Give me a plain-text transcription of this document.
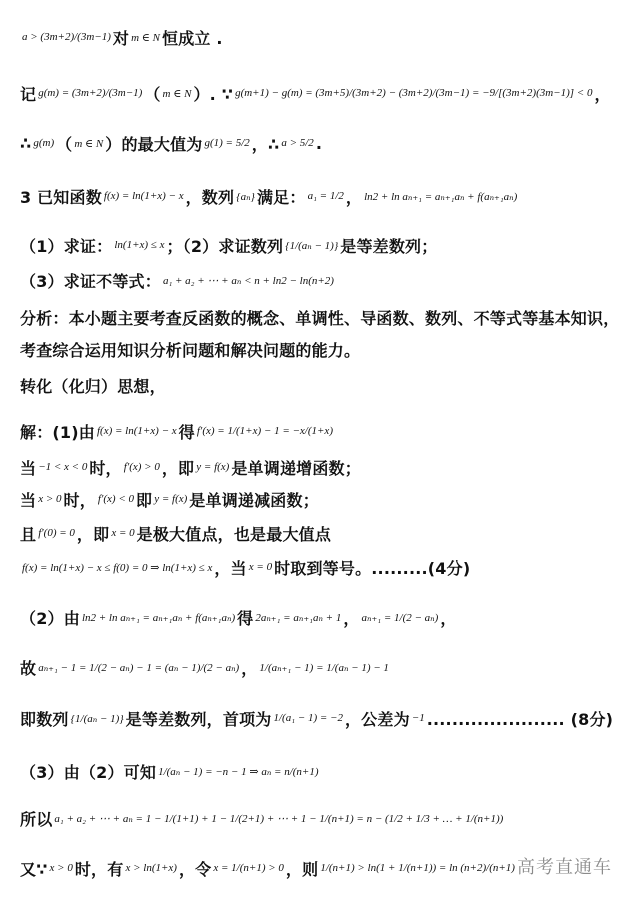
a > (3m+2)/(3m−1) 对 m ∈ N 恒成立 .
记 g(m) = (3m+2)/(3m−1) （ m ∈ N ）. ∵ g(m+1) − g(m) = (3m+5)/(3m+2) − (3m+2)/(3m−1) = −9/[(3m+2)(3m−1)] < 0 ，
∴ g(m) （ m ∈ N ）的最大值为 g(1) = 5/2 ，∴ a > 5/2 .
3 已知函数 f(x) = ln(1+x) − x ，数列 {aₙ} 满足： a₁ = 1/2 ， ln2 + ln aₙ₊₁ = aₙ₊₁aₙ + f(aₙ₊₁aₙ)
（1）求证： ln(1+x) ≤ x ；（2）求证数列 {1/(aₙ − 1)} 是等差数列；
（3）求证不等式： a₁ + a₂ + ⋯ + aₙ < n + ln2 − ln(n+2)
分析：本小题主要考查反函数的概念、单调性、导函数、数列、不等式等基本知识，
考查综合运用知识分析问题和解决问题的能力。
转化（化归）思想，
解：(1)由 f(x) = ln(1+x) − x 得 f′(x) = 1/(1+x) − 1 = −x/(1+x)
当 −1 < x < 0 时， f′(x) > 0 ，即 y = f(x) 是单调递增函数；
当 x > 0 时， f′(x) < 0 即 y = f(x) 是单调递减函数；
且 f′(0) = 0 ，即 x = 0 是极大值点，也是最大值点
f(x) = ln(1+x) − x ≤ f(0) = 0 ⇒ ln(1+x) ≤ x ，当 x = 0 时取到等号。.........(4分)
（2）由 ln2 + ln aₙ₊₁ = aₙ₊₁aₙ + f(aₙ₊₁aₙ) 得 2aₙ₊₁ = aₙ₊₁aₙ + 1 ， aₙ₊₁ = 1/(2 − aₙ) ，
故 aₙ₊₁ − 1 = 1/(2 − aₙ) − 1 = (aₙ − 1)/(2 − aₙ) ， 1/(aₙ₊₁ − 1) = 1/(aₙ − 1) − 1
即数列 {1/(aₙ − 1)} 是等差数列，首项为 1/(a₁ − 1) = −2 ，公差为 −1 ...................... (8分)
（3）由（2）可知 1/(aₙ − 1) = −n − 1 ⇒ aₙ = n/(n+1)
所以 a₁ + a₂ + ⋯ + aₙ = 1 − 1/(1+1) + 1 − 1/(2+1) + ⋯ + 1 − 1/(n+1) = n − (1/2 + 1/3 + … + 1/(n+1))
又∵ x > 0 时，有 x > ln(1+x) ，令 x = 1/(n+1) > 0 ，则 1/(n+1) > ln(1 + 1/(n+1)) = ln (n+2)/(n+1) 高考直通车
